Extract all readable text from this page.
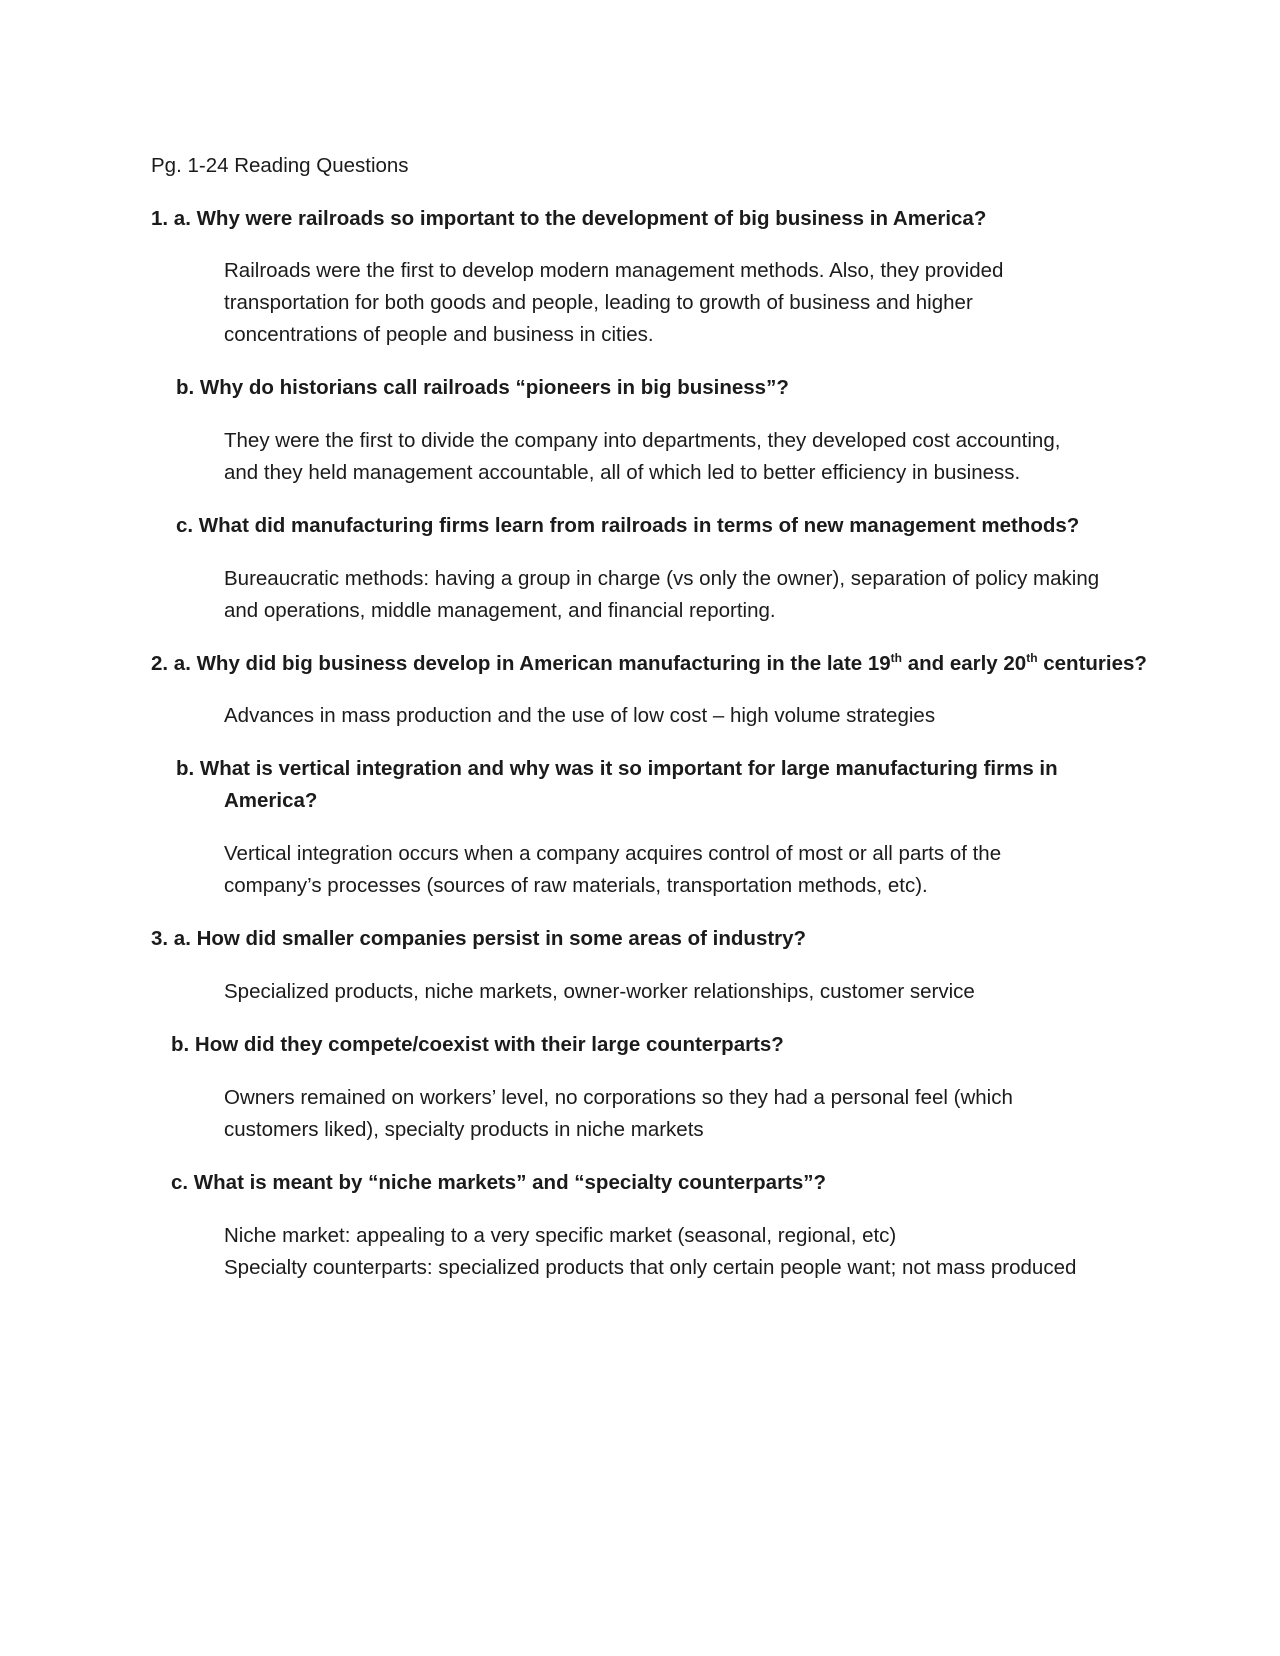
Pg. 1-24 Reading Questions
1. a. Why were railroads so important to the development of big business in America?
Railroads were the first to develop modern management methods. Also, they provided
transportation for both goods and people, leading to growth of business and higher
concentrations of people and business in cities.
b. Why do historians call railroads “pioneers in big business”?
They were the first to divide the company into departments, they developed cost accounting,
and they held management accountable, all of which led to better efficiency in business.
c. What did manufacturing firms learn from railroads in terms of new management methods?
Bureaucratic methods: having a group in charge (vs only the owner), separation of policy making
and operations, middle management, and financial reporting.
2. a. Why did big business develop in American manufacturing in the late 19th and early 20th centuries?
Advances in mass production and the use of low cost – high volume strategies
b. What is vertical integration and why was it so important for large manufacturing firms in
America?
Vertical integration occurs when a company acquires control of most or all parts of the
company’s processes (sources of raw materials, transportation methods, etc).
3. a. How did smaller companies persist in some areas of industry?
Specialized products, niche markets, owner-worker relationships, customer service
b. How did they compete/coexist with their large counterparts?
Owners remained on workers’ level, no corporations so they had a personal feel (which
customers liked), specialty products in niche markets
c. What is meant by “niche markets” and “specialty counterparts”?
Niche market: appealing to a very specific market (seasonal, regional, etc)
Specialty counterparts: specialized products that only certain people want; not mass produced
